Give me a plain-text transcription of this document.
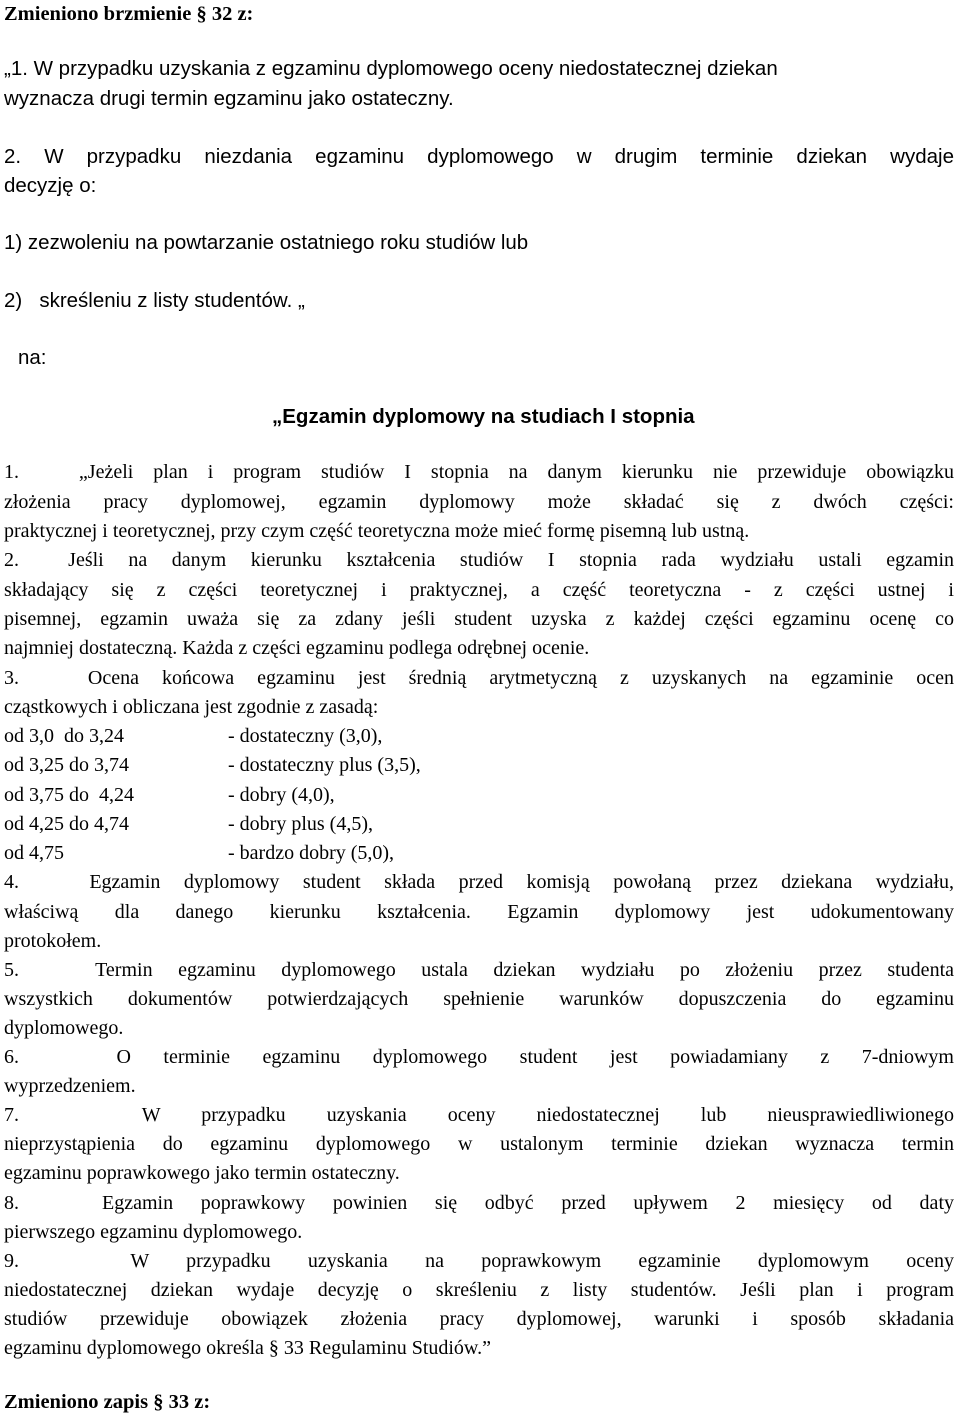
Zmieniono brzmienie § 32 z:
„1. W przypadku uzyskania z egzaminu dyplomowego oceny niedostatecznej dziekan
wyznacza drugi termin egzaminu jako ostateczny.
2. W przypadku niezdania egzaminu dyplomowego w drugim terminie dziekan wydaje
decyzję o:
1) zezwoleniu na powtarzanie ostatniego roku studiów lub
2)   skreśleniu z listy studentów. „
na:
„Egzamin dyplomowy na studiach I stopnia
1.   „Jeżeli plan i program studiów I stopnia na danym kierunku nie przewiduje obowiązku
złożenia pracy dyplomowej, egzamin dyplomowy może składać się z dwóch części:
praktycznej i teoretycznej, przy czym część teoretyczna może mieć formę pisemną lub ustną.
2.  Jeśli na danym kierunku kształcenia studiów I stopnia rada wydziału ustali egzamin
składający się z części teoretycznej i praktycznej, a część teoretyczna - z części ustnej i
pisemnej, egzamin uważa się za zdany jeśli student uzyska z każdej części egzaminu ocenę co
najmniej dostateczną. Każda z części egzaminu podlega odrębnej ocenie.
3.   Ocena końcowa egzaminu jest średnią arytmetyczną z uzyskanych na egzaminie ocen
cząstkowych i obliczana jest zgodnie z zasadą:
od 3,0  do 3,24	- dostateczny (3,0),
od 3,25 do 3,74	- dostateczny plus (3,5),
od 3,75 do  4,24	- dobry (4,0),
od 4,25 do 4,74	- dobry plus (4,5),
od 4,75	- bardzo dobry (5,0),
4.   Egzamin dyplomowy student składa przed komisją powołaną przez dziekana wydziału,
właściwą dla danego kierunku kształcenia. Egzamin dyplomowy jest udokumentowany
protokołem.
5.   Termin egzaminu dyplomowego ustala dziekan wydziału po złożeniu przez studenta
wszystkich dokumentów potwierdzających spełnienie warunków dopuszczenia do egzaminu
dyplomowego.
6.   O terminie egzaminu dyplomowego student jest powiadamiany z 7-dniowym
wyprzedzeniem.
7.   W przypadku uzyskania oceny niedostatecznej lub nieusprawiedliwionego
nieprzystąpienia do egzaminu dyplomowego w ustalonym terminie dziekan wyznacza termin
egzaminu poprawkowego jako termin ostateczny.
8.   Egzamin poprawkowy powinien się odbyć przed upływem 2 miesięcy od daty
pierwszego egzaminu dyplomowego.
9.   W przypadku uzyskania na poprawkowym egzaminie dyplomowym oceny
niedostatecznej dziekan wydaje decyzję o skreśleniu z listy studentów. Jeśli plan i program
studiów przewiduje obowiązek złożenia pracy dyplomowej, warunki i sposób składania
egzaminu dyplomowego określa § 33 Regulaminu Studiów.”
Zmieniono zapis § 33 z:
